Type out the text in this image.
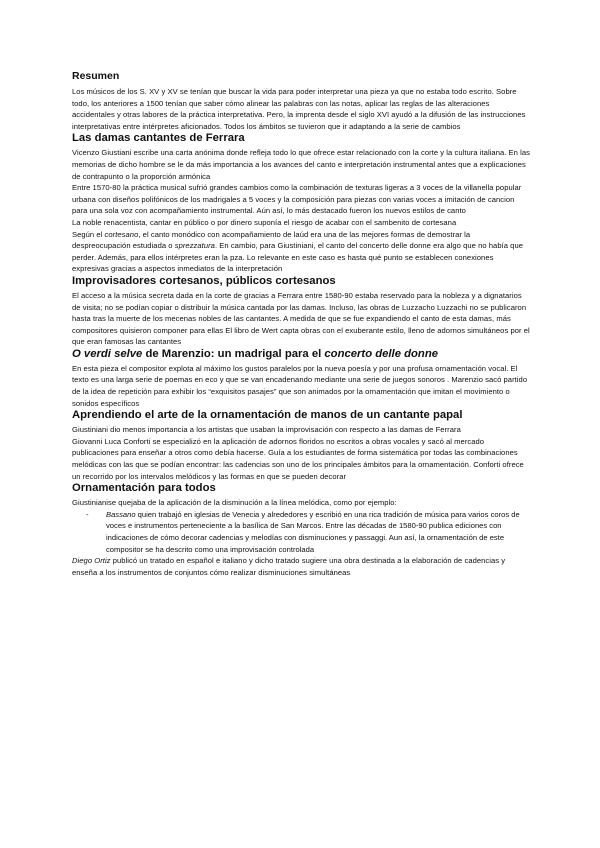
Resumen

Los músicos de los S. XV y XV se tenían que buscar la vida para poder interpretar una pieza ya que no estaba todo escrito. Sobre todo, los anteriores a 1500 tenían que saber cómo alinear las palabras con las notas, aplicar las reglas de las alteraciones accidentales y otras labores de la práctica interpretativa. Pero, la imprenta desde el siglo XVI ayudó a la difusión de las instrucciones interpretativas entre intérpretes aficionados. Todos los ámbitos se tuvieron que ir adaptando a la serie de cambios

Las damas cantantes de Ferrara

Vicenzo Giustiani escribe una carta anónima donde refleja todo lo que ofrece estar relacionado con la corte y la cultura italiana. En las memorias de dicho hombre se le da más importancia a los avances del canto e interpretación instrumental antes que a explicaciones de contrapunto o la proporción armónica

Entre 1570-80 la práctica musical sufrió grandes cambios como la combinación de texturas ligeras a 3 voces de la villanella popular urbana con diseños polifónicos de los madrigales a 5 voces y la composición para piezas con varias voces a imitación de cancion para una sola voz con acompañamiento instrumental. Aún así, lo más destacado fueron los nuevos estilos de canto

La noble renacentista, cantar en público o por dinero suponía el riesgo de acabar con el sambenito de cortesana

Según el cortesano, el canto monódico con acompañamiento de laúd era una de las mejores formas de demostrar la despreocupación estudiada o sprezzatura. En cambio, para Giustiniani, el canto del concerto delle donne era algo que no había que perder. Además, para ellos intérpretes eran la pza. Lo relevante en este caso es hasta qué punto se establecen conexiones expresivas gracias a aspectos inmediatos de la interpretación

Improvisadores cortesanos, públicos cortesanos

El acceso a la música secreta dada en la corte de gracias a Ferrara entre 1580-90 estaba reservado para la nobleza y a dignatarios de visita; no se podían copiar o distribuir la música cantada por las damas. Incluso, las obras de Luzzacho Luzzachi no se publicaron hasta tras la muerte de los mecenas nobles de las cantantes. A medida de que se fue expandiendo el canto de esta damas, más compositores quisieron componer para ellas El libro de Wert capta obras con el exuberante estilo, lleno de adornos simultáneos por el que eran famosas las cantantes

O verdi selve de Marenzio: un madrigal para el concerto delle donne

En esta pieza el compositor explota al máximo los gustos paralelos por la nueva poesía y por una profusa ornamentación vocal. El texto es una larga serie de poemas en eco y que se van encadenando mediante una serie de juegos sonoros . Marenzio sacó partido de la idea de repetición para exhibir los “exquisitos pasajes” que son animados por la ornamentación que imitan el movimiento o sonidos específicos

Aprendiendo el arte de la ornamentación de manos de un cantante papal

Giustiniani dio menos importancia a los artistas que usaban la improvisación con respecto a las damas de Ferrara

Giovanni Luca Conforti se especializó en la aplicación de adornos floridos no escritos a obras vocales y sacó al mercado publicaciones para enseñar a otros como debía hacerse. Guía a los estudiantes de forma sistemática por todas las combinaciones melódicas con las que se podían encontrar: las cadencias son uno de los principales ámbitos para la ornamentación. Conforti ofrece un recorrido por los intervalos melódicos y las formas en que se pueden decorar

Ornamentación para todos

Giustinianise quejaba de la aplicación de la disminución a la línea melódica, como por ejemplo:

-	Bassano quien trabajó en iglesias de Venecia y alrededores y escribió en una rica tradición de música para varios coros de voces e instrumentos perteneciente a la basílica de San Marcos. Entre las décadas de 1580-90 publica ediciones con indicaciones de cómo decorar cadencias y melodías con disminuciones y passaggi. Aun así, la ornamentación de este compositor se ha descrito como una improvisación controlada

Diego Ortiz publicó un tratado en español e italiano y dicho tratado sugiere una obra destinada a la elaboración de cadencias y enseña a los instrumentos de conjuntos cómo realizar disminuciones simultáneas
